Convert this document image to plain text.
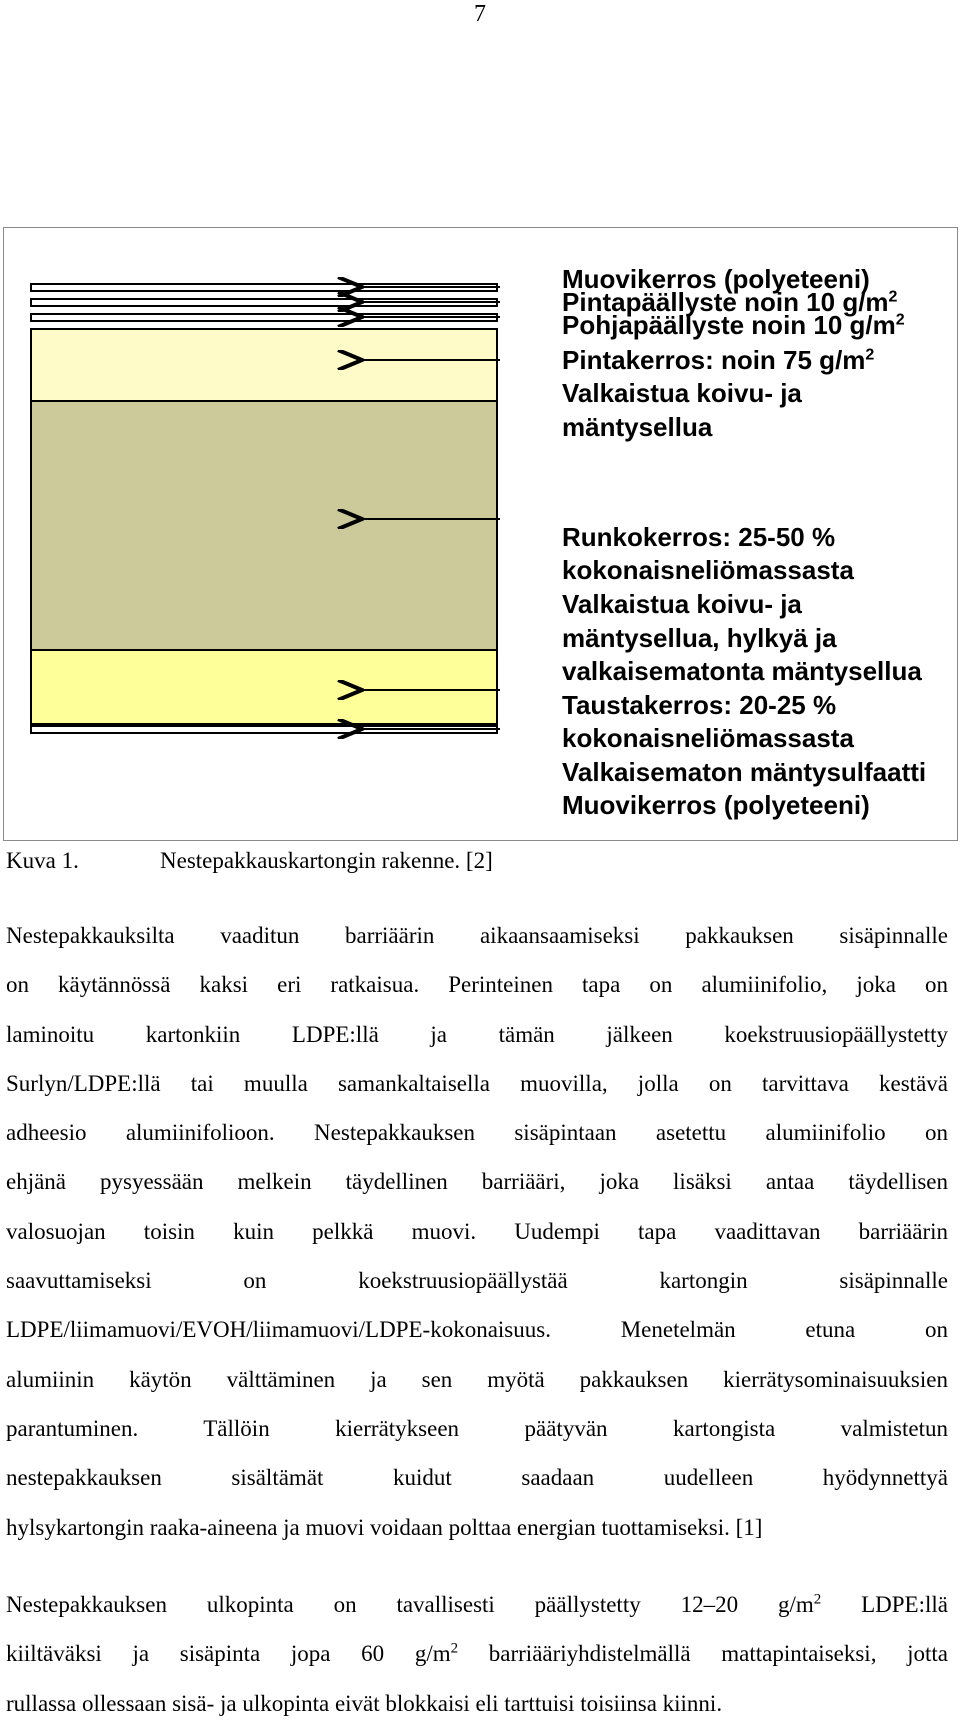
7
Muovikerros (polyeteeni)
Pintapäällyste noin 10 $g/m^2$
Pohjapäällyste noin 10 $g/m^2$
Pintakerros: noin 75 $g/m^2$
Valkaistua koivu- ja
mäntysellua
Runkokerros: 25-50 %
kokonaisneliömassasta
Valkaistua koivu- ja
mäntysellua, hylkyä ja
valkaisematonta mäntysellua
Taustakerros: 20-25 %
kokonaisneliömassasta
Valkaisematon mäntysulfaatti
Muovikerros (polyeteeni)
Kuva 1.	Nestepakkauskartongin rakenne. [2]
Nestepakkauksilta vaaditun barriäärin aikaansaamiseksi pakkauksen sisäpinnalle
on käytännössä kaksi eri ratkaisua. Perinteinen tapa on alumiinifolio, joka on
laminoitu kartonkiin LDPE:llä ja tämän jälkeen koekstruusiopäällystetty
Surlyn/LDPE:llä tai muulla samankaltaisella muovilla, jolla on tarvittava kestävä
adheesio alumiinifolioon. Nestepakkauksen sisäpintaan asetettu alumiinifolio on
ehjänä pysyessään melkein täydellinen barriääri, joka lisäksi antaa täydellisen
valosuojan toisin kuin pelkkä muovi. Uudempi tapa vaadittavan barriäärin
saavuttamiseksi on koekstruusiopäällystää kartongin sisäpinnalle
LDPE/liimamuovi/EVOH/liimamuovi/LDPE-kokonaisuus. Menetelmän etuna on
alumiinin käytön välttäminen ja sen myötä pakkauksen kierrätysominaisuuksien
parantuminen. Tällöin kierrätykseen päätyvän kartongista valmistetun
nestepakkauksen sisältämät kuidut saadaan uudelleen hyödynnettyä
hylsykartongin raaka-aineena ja muovi voidaan polttaa energian tuottamiseksi. [1]
Nestepakkauksen ulkopinta on tavallisesti päällystetty 12–20 $g/m^2$ LDPE:llä
kiiltäväksi ja sisäpinta jopa 60 $g/m^2$ barriääriyhdistelmällä mattapintaiseksi, jotta
rullassa ollessaan sisä- ja ulkopinta eivät blokkaisi eli tarttuisi toisiinsa kiinni.
